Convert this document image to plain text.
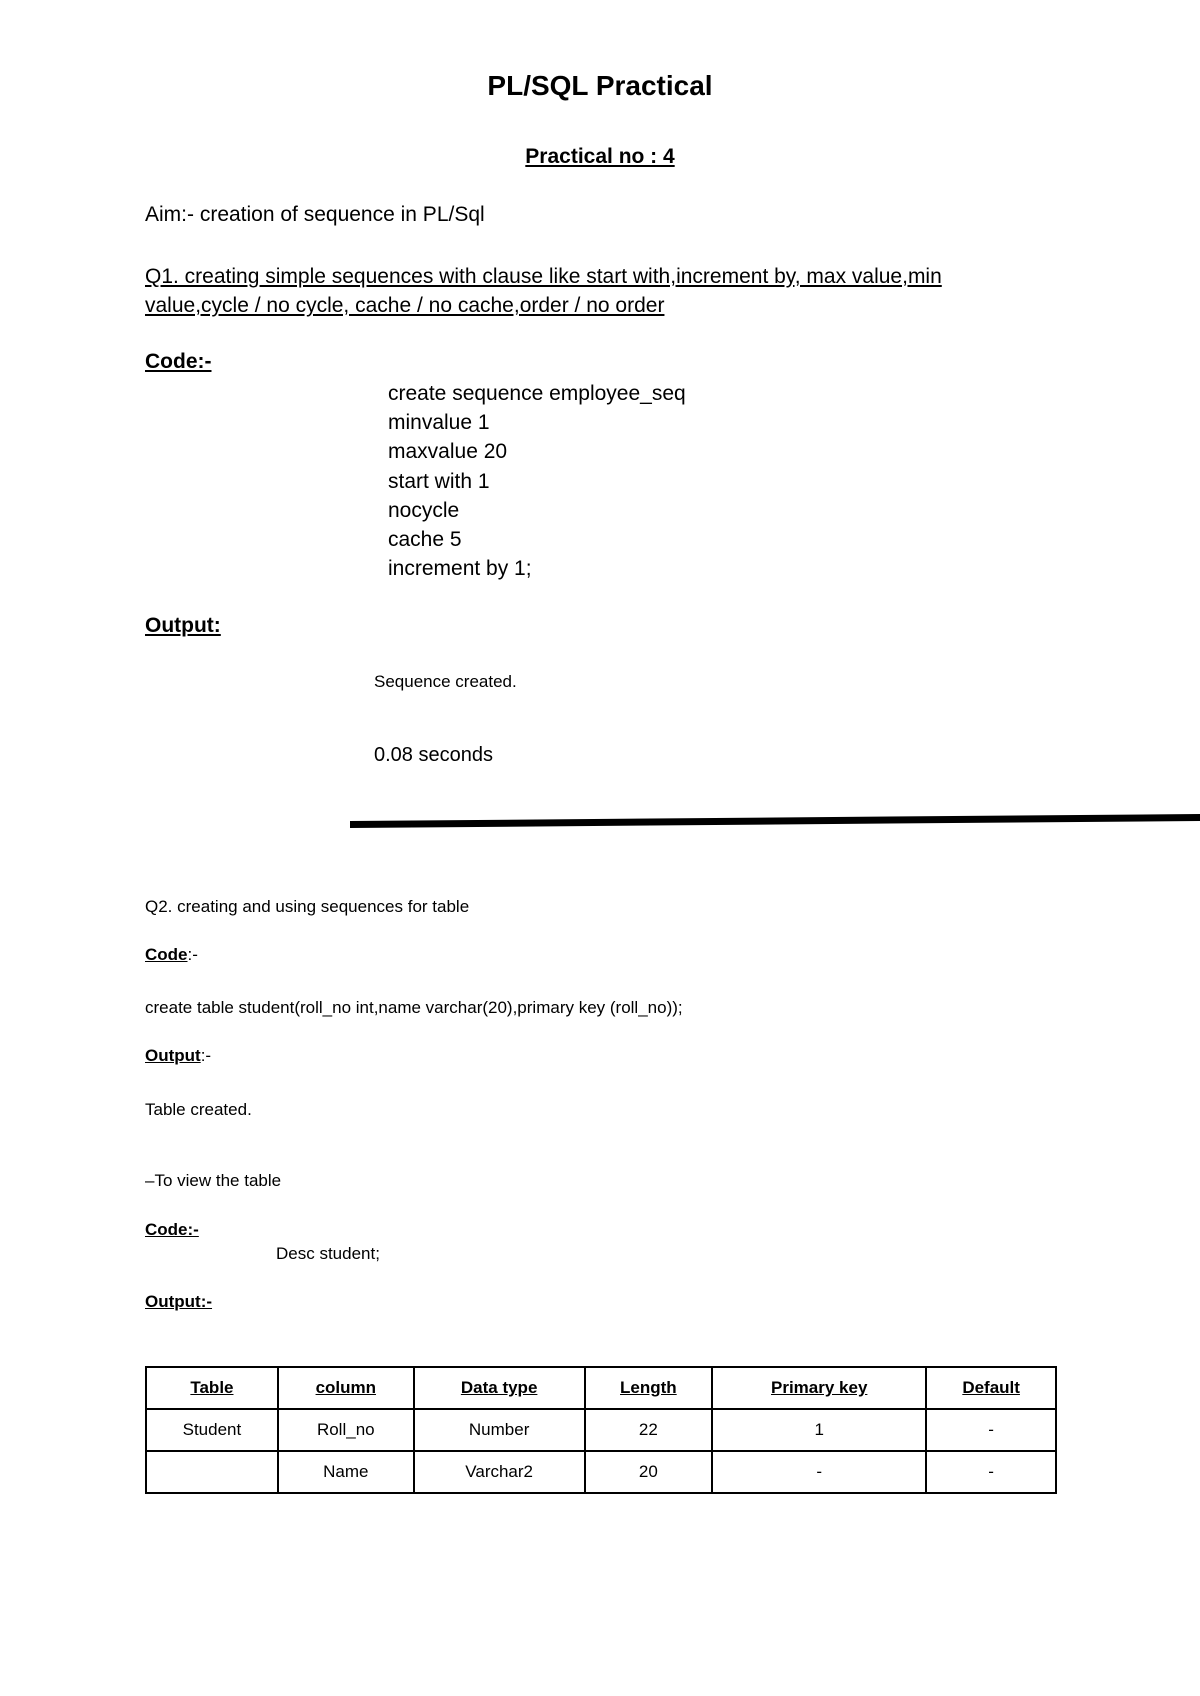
PL/SQL Practical
Practical no : 4
Aim:- creation of sequence in PL/Sql
Q1. creating simple sequences with clause like start with,increment by, max value,min value,cycle / no cycle, cache / no cache,order / no order
Code:-
create sequence employee_seq
minvalue 1
maxvalue 20
start with 1
nocycle
cache 5
increment by 1;
Output:
Sequence created.
0.08 seconds
Q2. creating and using sequences for table
Code:-
create table student(roll_no int,name varchar(20),primary key (roll_no));
Output:-
Table created.
–To view the table
Code:-
Desc student;
Output:-
Table	column	Data type	Length	Primary key	Default
Student	Roll_no	Number	22	1	-
	Name	Varchar2	20	-	-
